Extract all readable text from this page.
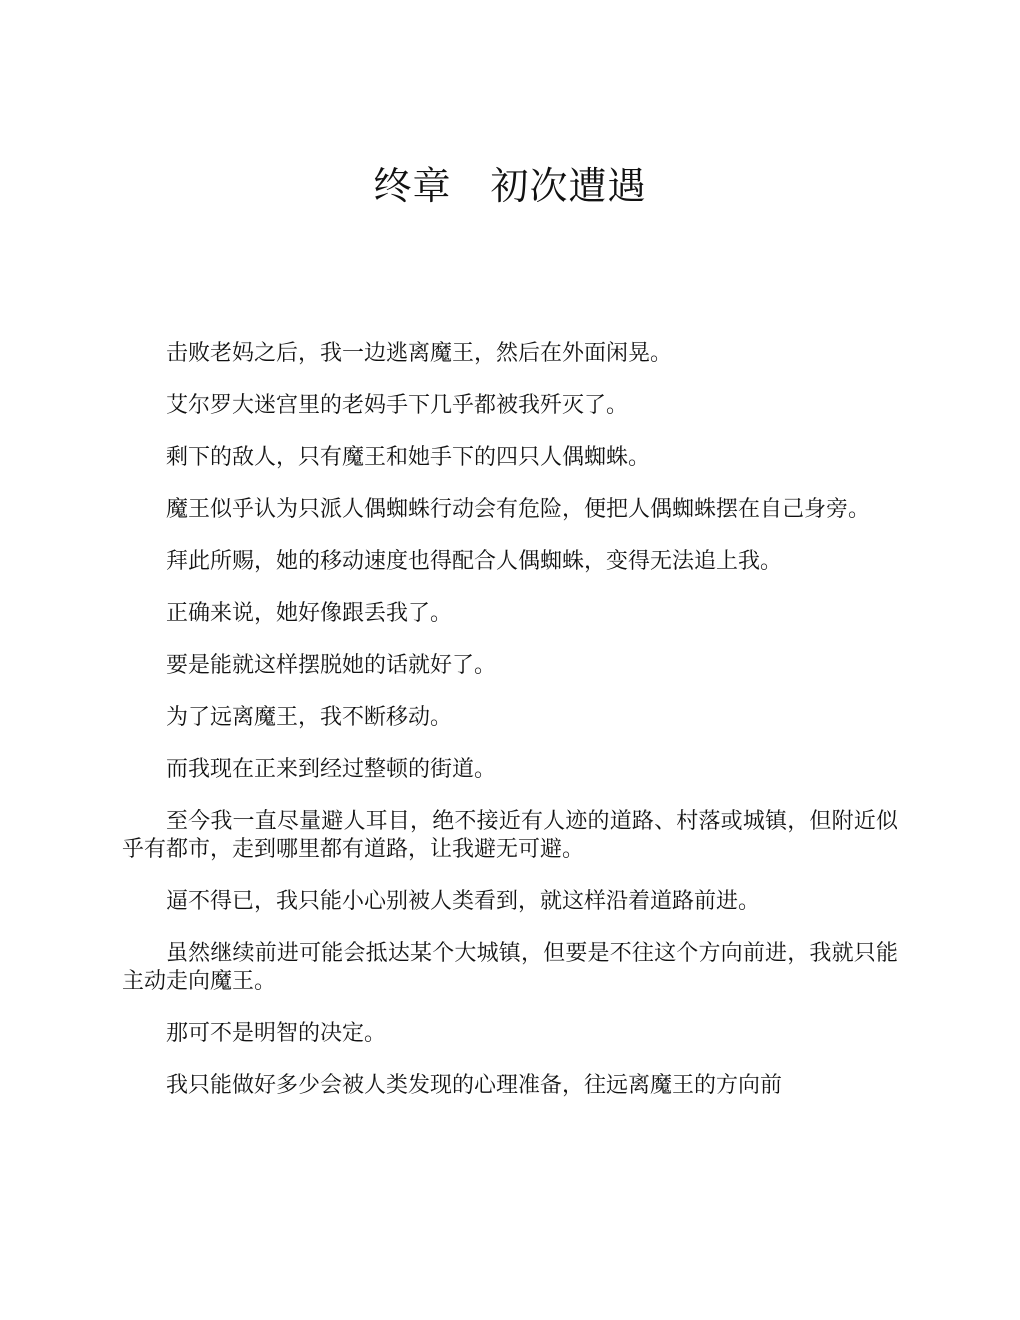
终章　初次遭遇

击败老妈之后，我一边逃离魔王，然后在外面闲晃。

艾尔罗大迷宫里的老妈手下几乎都被我歼灭了。

剩下的敌人，只有魔王和她手下的四只人偶蜘蛛。

魔王似乎认为只派人偶蜘蛛行动会有危险，便把人偶蜘蛛摆在自己身旁。

拜此所赐，她的移动速度也得配合人偶蜘蛛，变得无法追上我。

正确来说，她好像跟丢我了。

要是能就这样摆脱她的话就好了。

为了远离魔王，我不断移动。

而我现在正来到经过整顿的街道。

至今我一直尽量避人耳目，绝不接近有人迹的道路、村落或城镇，但附近似乎有都市，走到哪里都有道路，让我避无可避。

逼不得已，我只能小心别被人类看到，就这样沿着道路前进。

虽然继续前进可能会抵达某个大城镇，但要是不往这个方向前进，我就只能主动走向魔王。

那可不是明智的决定。

我只能做好多少会被人类发现的心理准备，往远离魔王的方向前
